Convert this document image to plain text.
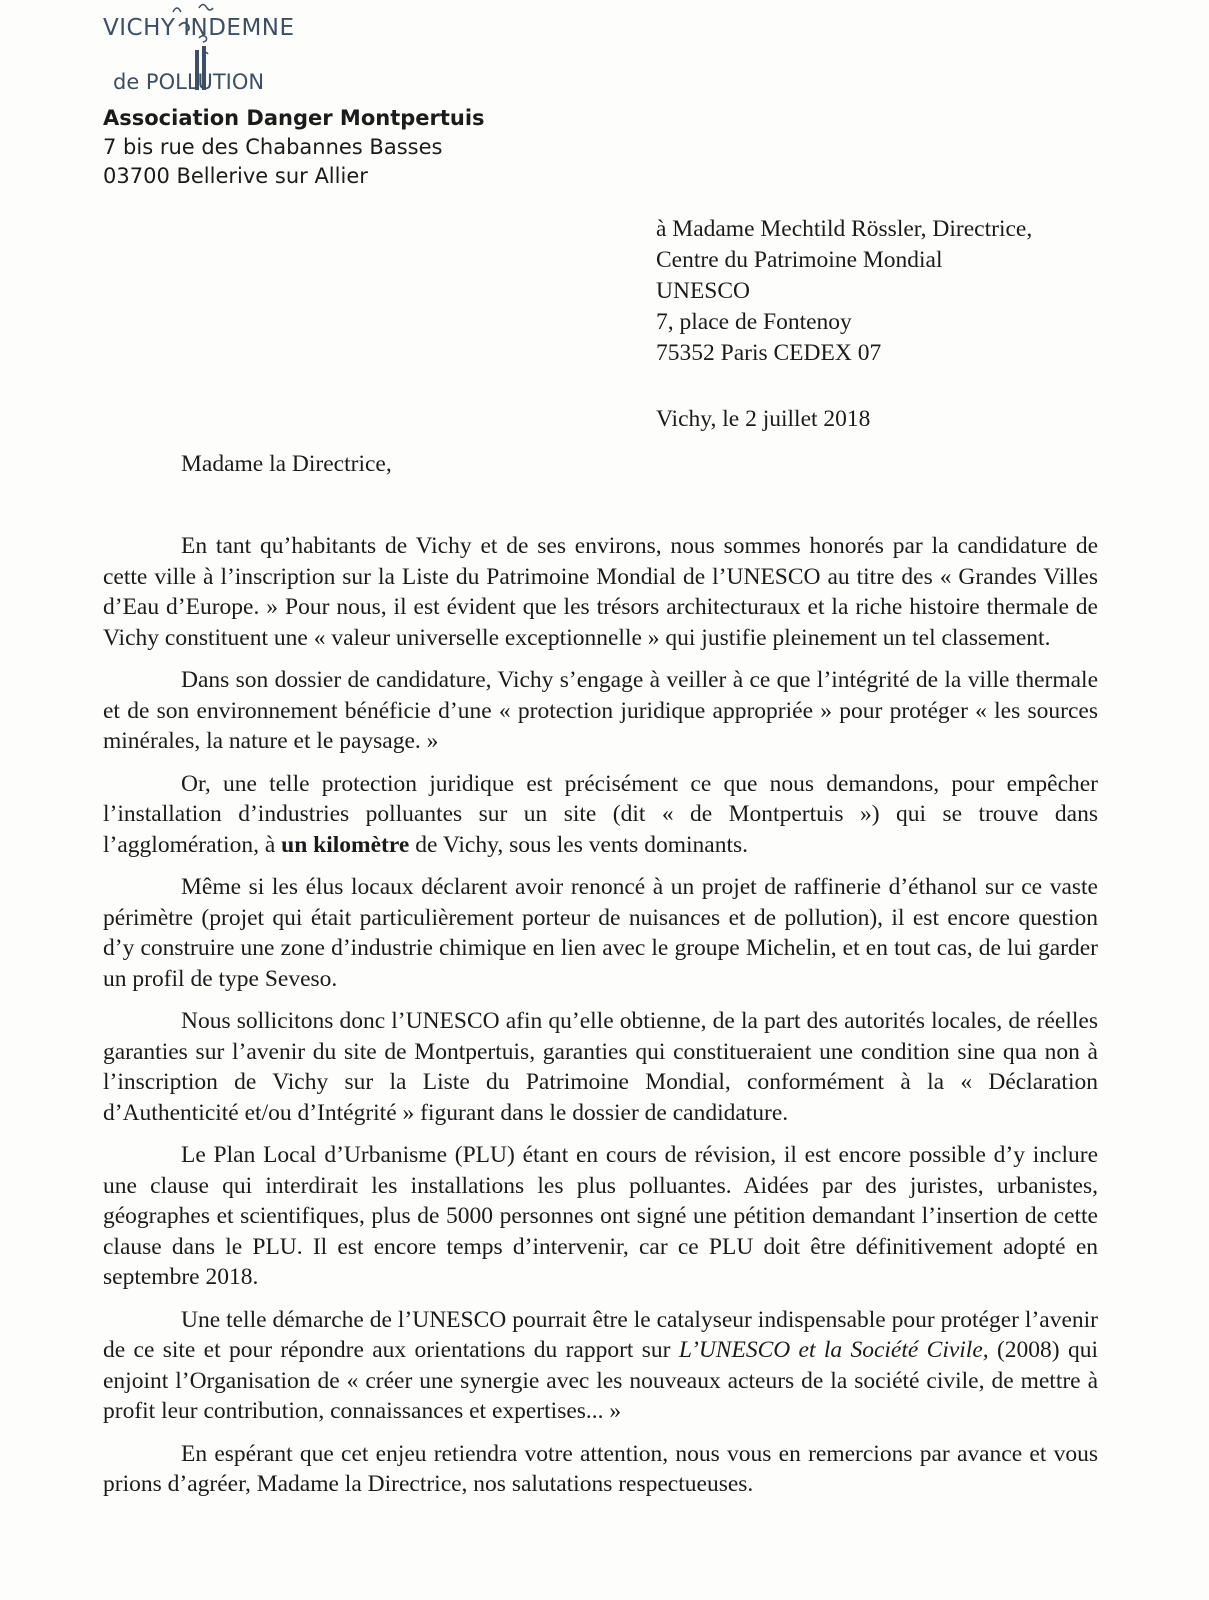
VICHY INDEMNE
de POLLUTION
Association Danger Montpertuis
7 bis rue des Chabannes Basses
03700 Bellerive sur Allier
à Madame Mechtild Rössler, Directrice,
Centre du Patrimoine Mondial
UNESCO
7, place de Fontenoy
75352 Paris CEDEX 07
Vichy, le 2 juillet 2018
Madame la Directrice,

En tant qu’habitants de Vichy et de ses environs, nous sommes honorés par la candidature de cette ville à l’inscription sur la Liste du Patrimoine Mondial de l’UNESCO au titre des « Grandes Villes d’Eau d’Europe. » Pour nous, il est évident que les trésors architecturaux et la riche histoire thermale de Vichy constituent une « valeur universelle exceptionnelle » qui justifie pleinement un tel classement.

Dans son dossier de candidature, Vichy s’engage à veiller à ce que l’intégrité de la ville thermale et de son environnement bénéficie d’une « protection juridique appropriée » pour protéger « les sources minérales, la nature et le paysage. »

Or, une telle protection juridique est précisément ce que nous demandons, pour empêcher l’installation d’industries polluantes sur un site (dit « de Montpertuis ») qui se trouve dans l’agglomération, à un kilomètre de Vichy, sous les vents dominants.

Même si les élus locaux déclarent avoir renoncé à un projet de raffinerie d’éthanol sur ce vaste périmètre (projet qui était particulièrement porteur de nuisances et de pollution), il est encore question d’y construire une zone d’industrie chimique en lien avec le groupe Michelin, et en tout cas, de lui garder un profil de type Seveso.

Nous sollicitons donc l’UNESCO afin qu’elle obtienne, de la part des autorités locales, de réelles garanties sur l’avenir du site de Montpertuis, garanties qui constitueraient une condition sine qua non à l’inscription de Vichy sur la Liste du Patrimoine Mondial, conformément à la « Déclaration d’Authenticité et/ou d’Intégrité » figurant dans le dossier de candidature.

Le Plan Local d’Urbanisme (PLU) étant en cours de révision, il est encore possible d’y inclure une clause qui interdirait les installations les plus polluantes. Aidées par des juristes, urbanistes, géographes et scientifiques, plus de 5000 personnes ont signé une pétition demandant l’insertion de cette clause dans le PLU. Il est encore temps d’intervenir, car ce PLU doit être définitivement adopté en septembre 2018.

Une telle démarche de l’UNESCO pourrait être le catalyseur indispensable pour protéger l’avenir de ce site et pour répondre aux orientations du rapport sur L’UNESCO et la Société Civile, (2008) qui enjoint l’Organisation de « créer une synergie avec les nouveaux acteurs de la société civile, de mettre à profit leur contribution, connaissances et expertises... »

En espérant que cet enjeu retiendra votre attention, nous vous en remercions par avance et vous prions d’agréer, Madame la Directrice, nos salutations respectueuses.
